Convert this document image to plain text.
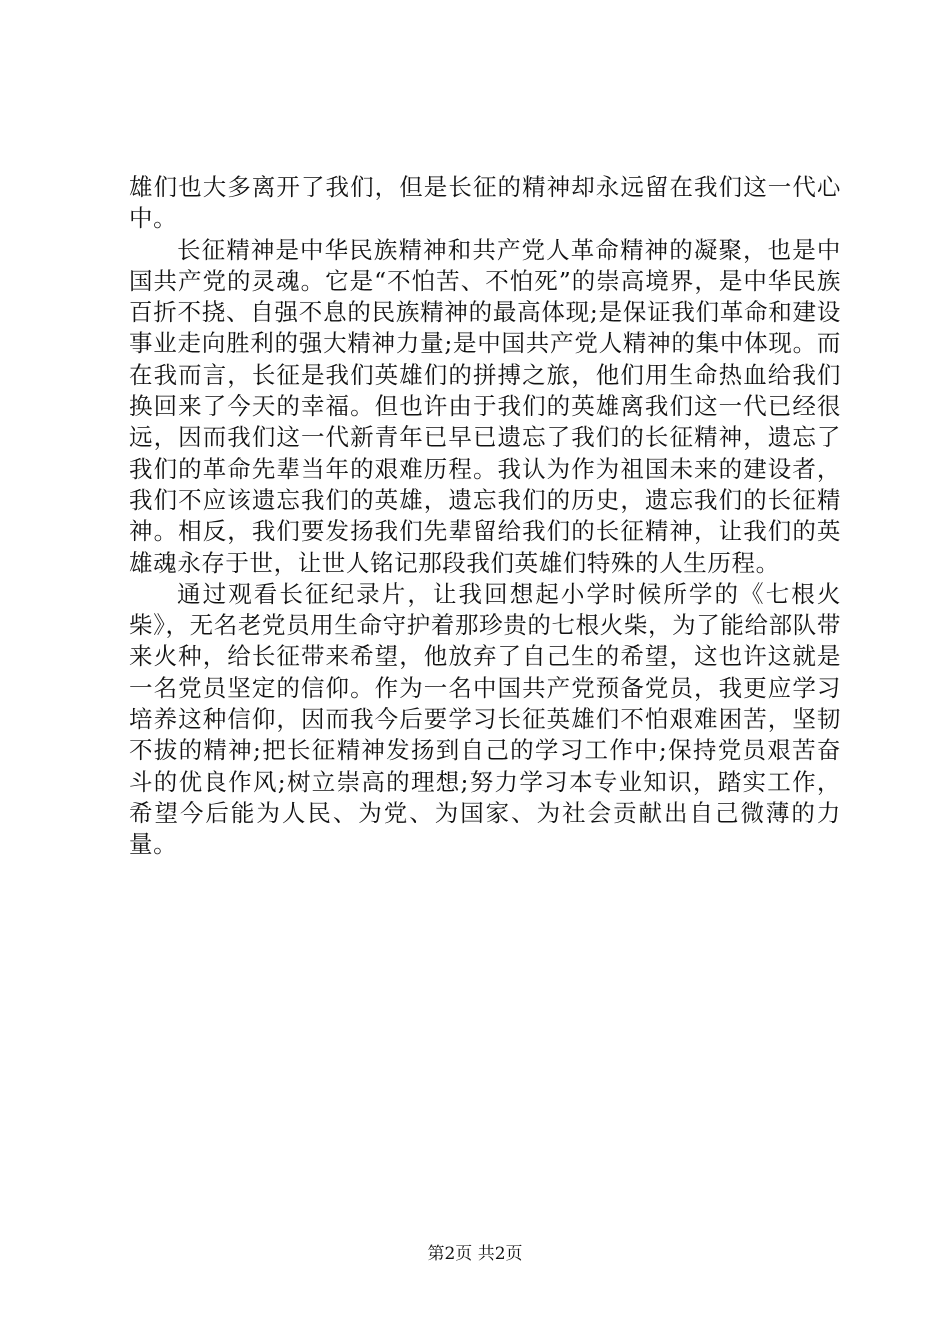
雄们也大多离开了我们，但是长征的精神却永远留在我们这一代心中。

长征精神是中华民族精神和共产党人革命精神的凝聚，也是中国共产党的灵魂。它是“不怕苦、不怕死”的崇高境界，是中华民族百折不挠、自强不息的民族精神的最高体现;是保证我们革命和建设事业走向胜利的强大精神力量;是中国共产党人精神的集中体现。而在我而言，长征是我们英雄们的拼搏之旅，他们用生命热血给我们换回来了今天的幸福。但也许由于我们的英雄离我们这一代已经很远，因而我们这一代新青年已早已遗忘了我们的长征精神，遗忘了我们的革命先辈当年的艰难历程。我认为作为祖国未来的建设者，我们不应该遗忘我们的英雄，遗忘我们的历史，遗忘我们的长征精神。相反，我们要发扬我们先辈留给我们的长征精神，让我们的英雄魂永存于世，让世人铭记那段我们英雄们特殊的人生历程。

通过观看长征纪录片，让我回想起小学时候所学的《七根火柴》，无名老党员用生命守护着那珍贵的七根火柴，为了能给部队带来火种，给长征带来希望，他放弃了自己生的希望，这也许这就是一名党员坚定的信仰。作为一名中国共产党预备党员，我更应学习培养这种信仰，因而我今后要学习长征英雄们不怕艰难困苦，坚韧不拔的精神;把长征精神发扬到自己的学习工作中;保持党员艰苦奋斗的优良作风;树立崇高的理想;努力学习本专业知识，踏实工作，希望今后能为人民、为党、为国家、为社会贡献出自己微薄的力量。

第2页 共2页
